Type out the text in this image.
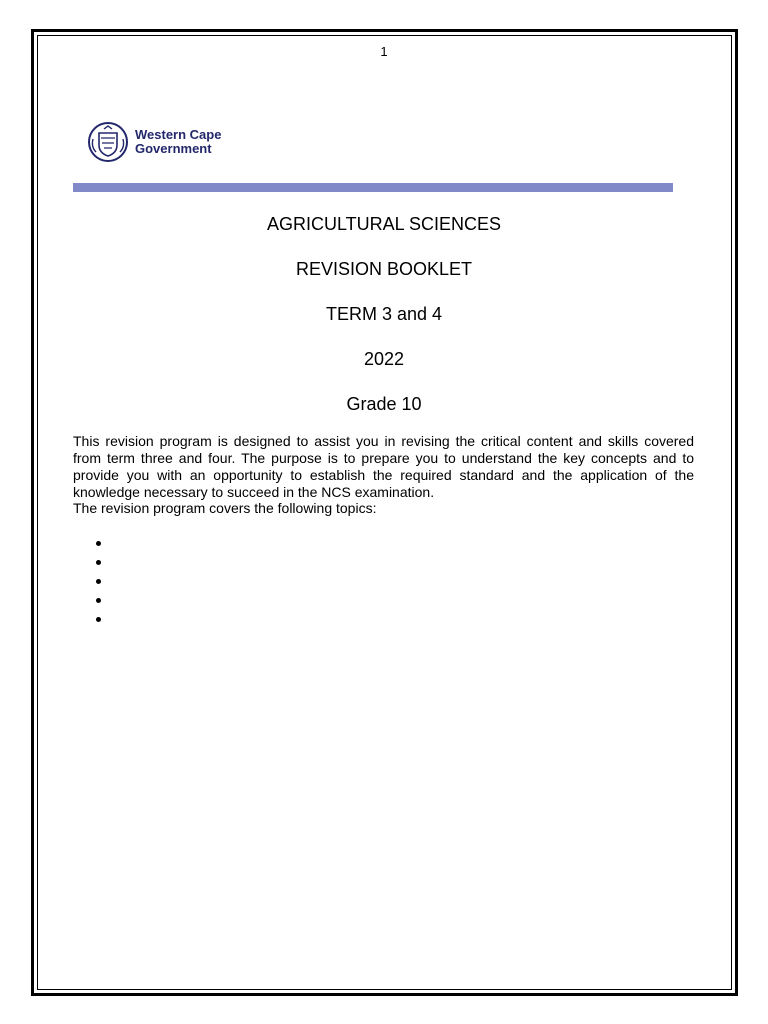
1
Western Cape
Government
AGRICULTURAL SCIENCES
REVISION BOOKLET
TERM 3 and 4
2022
Grade 10

This revision program is designed to assist you in revising the critical content and skills covered from term three and four. The purpose is to prepare you to understand the key concepts and to provide you with an opportunity to establish the required standard and the application of the knowledge necessary to succeed in the NCS examination.

The revision program covers the following topics:
